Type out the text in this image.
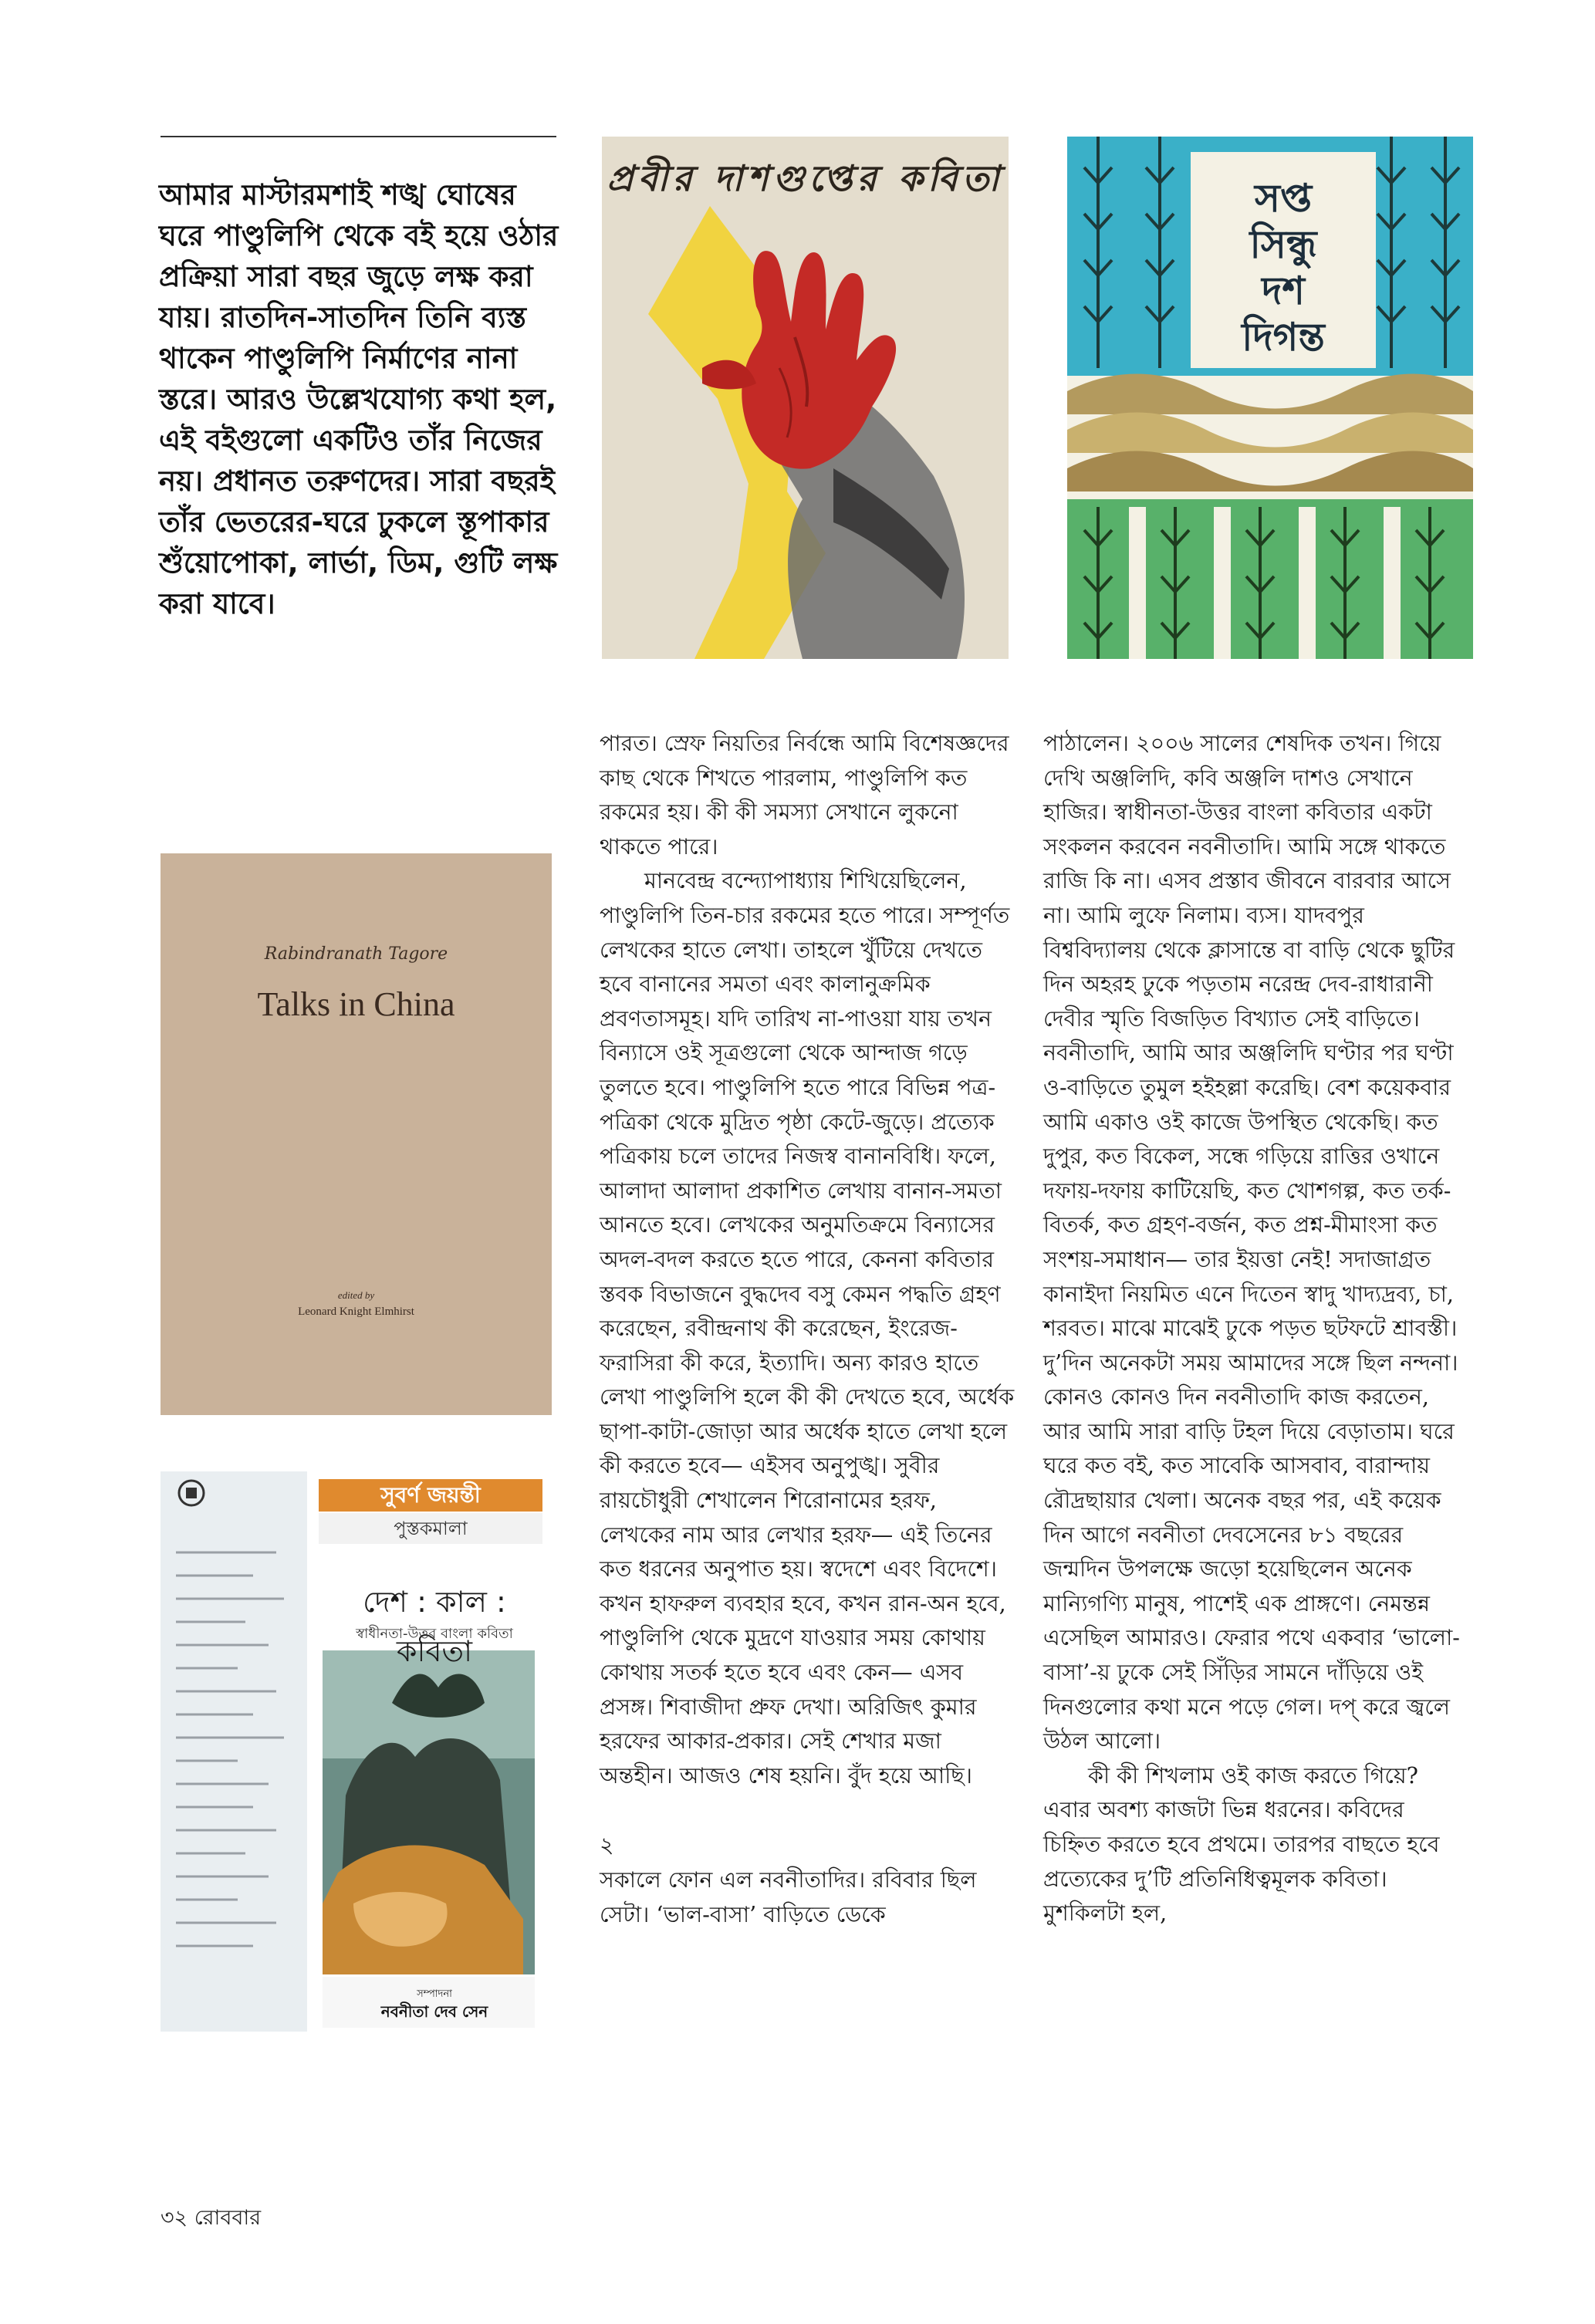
আমার মাস্টারমশাই শঙ্খ ঘোষের ঘরে পাণ্ডুলিপি থেকে বই হয়ে ওঠার প্রক্রিয়া সারা বছর জুড়ে লক্ষ করা যায়। রাতদিন-সাতদিন তিনি ব্যস্ত থাকেন পাণ্ডুলিপি নির্মাণের নানা স্তরে। আরও উল্লেখযোগ্য কথা হল, এই বইগুলো একটিও তাঁর নিজের নয়। প্রধানত তরুণদের। সারা বছরই তাঁর ভেতরের-ঘরে ঢুকলে স্তূপাকার শুঁয়োপোকা, লার্ভা, ডিম, গুটি লক্ষ করা যাবে।
প্রবীর দাশগুপ্তের কবিতা	সপ্ত
সিন্ধু
দশ
দিগন্ত
Rabindranath Tagore
Talks in China
edited by
Leonard Knight Elmhirst
সুবর্ণ জয়ন্তী
পুস্তকমালা
দেশ : কাল : কবিতা
স্বাধীনতা-উত্তর বাংলা কবিতা
সম্পাদনা
নবনীতা দেব সেন

পারত। স্রেফ নিয়তির নির্বন্ধে আমি বিশেষজ্ঞদের কাছ থেকে শিখতে পারলাম, পাণ্ডুলিপি কত রকমের হয়। কী কী সমস্যা সেখানে লুকনো থাকতে পারে।

মানবেন্দ্র বন্দ্যোপাধ্যায় শিখিয়েছিলেন, পাণ্ডুলিপি তিন-চার রকমের হতে পারে। সম্পূর্ণত লেখকের হাতে লেখা। তাহলে খুঁটিয়ে দেখতে হবে বানানের সমতা এবং কালানুক্রমিক প্রবণতাসমূহ। যদি তারিখ না-পাওয়া যায় তখন বিন্যাসে ওই সূত্রগুলো থেকে আন্দাজ গড়ে তুলতে হবে। পাণ্ডুলিপি হতে পারে বিভিন্ন পত্র-পত্রিকা থেকে মুদ্রিত পৃষ্ঠা কেটে-জুড়ে। প্রত্যেক পত্রিকায় চলে তাদের নিজস্ব বানানবিধি। ফলে, আলাদা আলাদা প্রকাশিত লেখায় বানান-সমতা আনতে হবে। লেখকের অনুমতিক্রমে বিন্যাসের অদল-বদল করতে হতে পারে, কেননা কবিতার স্তবক বিভাজনে বুদ্ধদেব বসু কেমন পদ্ধতি গ্রহণ করেছেন, রবীন্দ্রনাথ কী করেছেন, ইংরেজ-ফরাসিরা কী করে, ইত্যাদি। অন্য কারও হাতে লেখা পাণ্ডুলিপি হলে কী কী দেখতে হবে, অর্ধেক ছাপা-কাটা-জোড়া আর অর্ধেক হাতে লেখা হলে কী করতে হবে— এইসব অনুপুঙ্খ। সুবীর রায়চৌধুরী শেখালেন শিরোনামের হরফ, লেখকের নাম আর লেখার হরফ— এই তিনের কত ধরনের অনুপাত হয়। স্বদেশে এবং বিদেশে। কখন হাফরুল ব্যবহার হবে, কখন রান-অন হবে, পাণ্ডুলিপি থেকে মুদ্রণে যাওয়ার সময় কোথায় কোথায় সতর্ক হতে হবে এবং কেন— এসব প্রসঙ্গ। শিবাজীদা প্রুফ দেখা। অরিজিৎ কুমার হরফের আকার-প্রকার। সেই শেখার মজা অন্তহীন। আজও শেষ হয়নি। বুঁদ হয়ে আছি।

২

সকালে ফোন এল নবনীতাদির। রবিবার ছিল সেটা। ‘ভাল-বাসা’ বাড়িতে ডেকে

পাঠালেন। ২০০৬ সালের শেষদিক তখন। গিয়ে দেখি অঞ্জলিদি, কবি অঞ্জলি দাশও সেখানে হাজির। স্বাধীনতা-উত্তর বাংলা কবিতার একটা সংকলন করবেন নবনীতাদি। আমি সঙ্গে থাকতে রাজি কি না। এসব প্রস্তাব জীবনে বারবার আসে না। আমি লুফে নিলাম। ব্যস। যাদবপুর বিশ্ববিদ্যালয় থেকে ক্লাসান্তে বা বাড়ি থেকে ছুটির দিন অহরহ ঢুকে পড়তাম নরেন্দ্র দেব-রাধারানী দেবীর স্মৃতি বিজড়িত বিখ্যাত সেই বাড়িতে। নবনীতাদি, আমি আর অঞ্জলিদি ঘণ্টার পর ঘণ্টা ও-বাড়িতে তুমুল হইহল্লা করেছি। বেশ কয়েকবার আমি একাও ওই কাজে উপস্থিত থেকেছি। কত দুপুর, কত বিকেল, সন্ধে গড়িয়ে রাত্তির ওখানে দফায়-দফায় কাটিয়েছি, কত খোশগল্প, কত তর্ক-বিতর্ক, কত গ্রহণ-বর্জন, কত প্রশ্ন-মীমাংসা কত সংশয়-সমাধান— তার ইয়ত্তা নেই! সদাজাগ্রত কানাইদা নিয়মিত এনে দিতেন স্বাদু খাদ্যদ্রব্য, চা, শরবত। মাঝে মাঝেই ঢুকে পড়ত ছটফটে শ্রাবস্তী। দু’দিন অনেকটা সময় আমাদের সঙ্গে ছিল নন্দনা। কোনও কোনও দিন নবনীতাদি কাজ করতেন, আর আমি সারা বাড়ি টহল দিয়ে বেড়াতাম। ঘরে ঘরে কত বই, কত সাবেকি আসবাব, বারান্দায় রৌদ্রছায়ার খেলা। অনেক বছর পর, এই কয়েক দিন আগে নবনীতা দেবসেনের ৮১ বছরের জন্মদিন উপলক্ষে জড়ো হয়েছিলেন অনেক মান্যিগণ্যি মানুষ, পাশেই এক প্রাঙ্গণে। নেমন্তন্ন এসেছিল আমারও। ফেরার পথে একবার ‘ভালো-বাসা’-য় ঢুকে সেই সিঁড়ির সামনে দাঁড়িয়ে ওই দিনগুলোর কথা মনে পড়ে গেল। দপ্ করে জ্বলে উঠল আলো।

কী কী শিখলাম ওই কাজ করতে গিয়ে? এবার অবশ্য কাজটা ভিন্ন ধরনের। কবিদের চিহ্নিত করতে হবে প্রথমে। তারপর বাছতে হবে প্রত্যেকের দু’টি প্রতিনিধিত্বমূলক কবিতা। মুশকিলটা হল,

৩২ রোববার
